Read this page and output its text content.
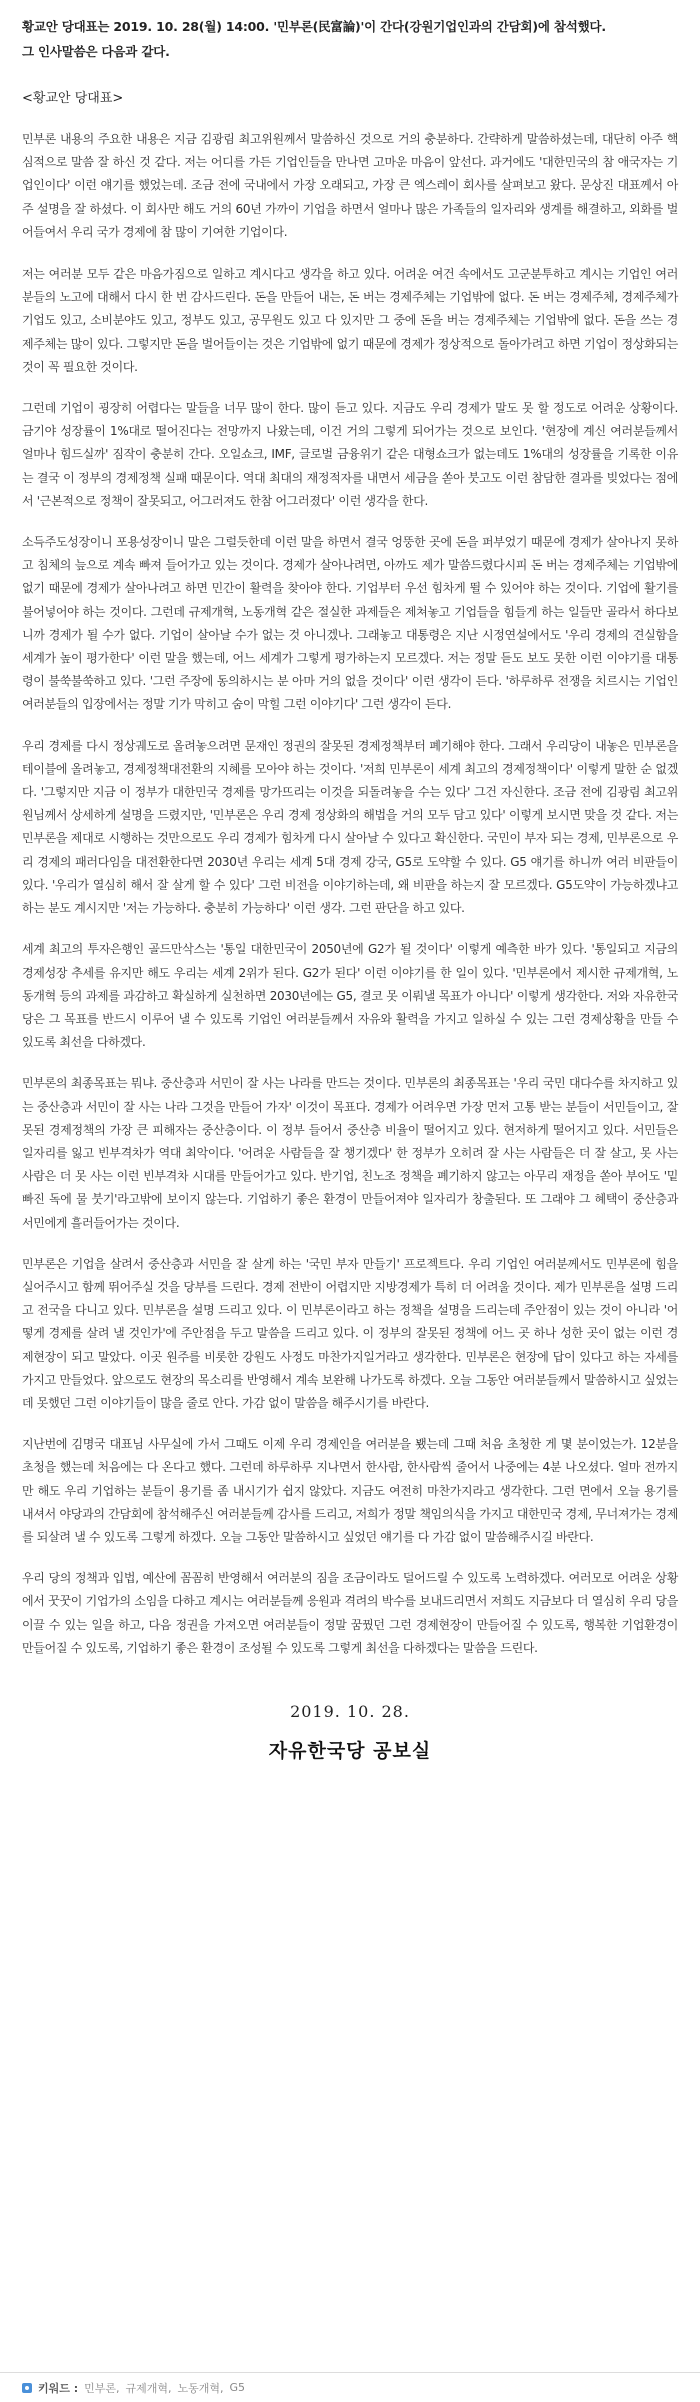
황교안 당대표는 2019. 10. 28(월) 14:00. '민부론(民富論)'이 간다(강원기업인과의 간담회)에 참석했다.
그 인사말씀은 다음과 같다.

<황교안 당대표>

민부론 내용의 주요한 내용은 지금 김광림 최고위원께서 말씀하신 것으로 거의 충분하다. 간략하게 말씀하셨는데, 대단히 아주 핵심적으로 말씀 잘 하신 것 같다. 저는 어디를 가든 기업인들을 만나면 고마운 마음이 앞선다. 과거에도 '대한민국의 참 애국자는 기업인이다' 이런 얘기를 했었는데. 조금 전에 국내에서 가장 오래되고, 가장 큰 엑스레이 회사를 살펴보고 왔다. 문상진 대표께서 아주 설명을 잘 하셨다. 이 회사만 해도 거의 60년 가까이 기업을 하면서 얼마나 많은 가족들의 일자리와 생계를 해결하고, 외화를 벌어들여서 우리 국가 경제에 참 많이 기여한 기업이다.

저는 여러분 모두 같은 마음가짐으로 일하고 계시다고 생각을 하고 있다. 어려운 여건 속에서도 고군분투하고 계시는 기업인 여러분들의 노고에 대해서 다시 한 번 감사드린다. 돈을 만들어 내는, 돈 버는 경제주체는 기업밖에 없다. 돈 버는 경제주체, 경제주체가 기업도 있고, 소비분야도 있고, 정부도 있고, 공무원도 있고 다 있지만 그 중에 돈을 버는 경제주체는 기업밖에 없다. 돈을 쓰는 경제주체는 많이 있다. 그렇지만 돈을 벌어들이는 것은 기업밖에 없기 때문에 경제가 정상적으로 돌아가려고 하면 기업이 정상화되는 것이 꼭 필요한 것이다.

그런데 기업이 굉장히 어렵다는 말들을 너무 많이 한다. 많이 듣고 있다. 지금도 우리 경제가 말도 못 할 정도로 어려운 상황이다. 금기야 성장률이 1%대로 떨어진다는 전망까지 나왔는데, 이건 거의 그렇게 되어가는 것으로 보인다. '현장에 계신 여러분들께서 얼마나 힘드실까' 짐작이 충분히 간다. 오일쇼크, IMF, 글로벌 금융위기 같은 대형쇼크가 없는데도 1%대의 성장률을 기록한 이유는 결국 이 정부의 경제정책 실패 때문이다. 역대 최대의 재정적자를 내면서 세금을 쏟아 붓고도 이런 참담한 결과를 빚었다는 점에서 '근본적으로 정책이 잘못되고, 어그러져도 한참 어그러졌다' 이런 생각을 한다.

소득주도성장이니 포용성장이니 말은 그럴듯한데 이런 말을 하면서 결국 엉뚱한 곳에 돈을 퍼부었기 때문에 경제가 살아나지 못하고 침체의 늪으로 계속 빠져 들어가고 있는 것이다. 경제가 살아나려면, 아까도 제가 말씀드렸다시피 돈 버는 경제주체는 기업밖에 없기 때문에 경제가 살아나려고 하면 민간이 활력을 찾아야 한다. 기업부터 우선 힘차게 뛸 수 있어야 하는 것이다. 기업에 활기를 불어넣어야 하는 것이다. 그런데 규제개혁, 노동개혁 같은 절실한 과제들은 제쳐놓고 기업들을 힘들게 하는 일들만 골라서 하다보니까 경제가 될 수가 없다. 기업이 살아날 수가 없는 것 아니겠나. 그래놓고 대통령은 지난 시정연설에서도 '우리 경제의 견실함을 세계가 높이 평가한다' 이런 말을 했는데, 어느 세계가 그렇게 평가하는지 모르겠다. 저는 정말 듣도 보도 못한 이런 이야기를 대통령이 불쑥불쑥하고 있다. '그런 주장에 동의하시는 분 아마 거의 없을 것이다' 이런 생각이 든다. '하루하루 전쟁을 치르시는 기업인 여러분들의 입장에서는 정말 기가 막히고 숨이 막힐 그런 이야기다' 그런 생각이 든다.

우리 경제를 다시 정상궤도로 올려놓으려면 문재인 정권의 잘못된 경제정책부터 폐기해야 한다. 그래서 우리당이 내놓은 민부론을 테이블에 올려놓고, 경제정책대전환의 지혜를 모아야 하는 것이다. '저희 민부론이 세계 최고의 경제정책이다' 이렇게 말한 순 없겠다. '그렇지만 지금 이 정부가 대한민국 경제를 망가뜨리는 이것을 되돌려놓을 수는 있다' 그건 자신한다. 조금 전에 김광림 최고위원님께서 상세하게 설명을 드렸지만, '민부론은 우리 경제 정상화의 해법을 거의 모두 담고 있다' 이렇게 보시면 맞을 것 같다. 저는 민부론을 제대로 시행하는 것만으로도 우리 경제가 힘차게 다시 살아날 수 있다고 확신한다. 국민이 부자 되는 경제, 민부론으로 우리 경제의 패러다임을 대전환한다면 2030년 우리는 세계 5대 경제 강국, G5로 도약할 수 있다. G5 얘기를 하니까 여러 비판들이 있다. '우리가 열심히 해서 잘 살게 할 수 있다' 그런 비전을 이야기하는데, 왜 비판을 하는지 잘 모르겠다. G5도약이 가능하겠냐고 하는 분도 계시지만 '저는 가능하다. 충분히 가능하다' 이런 생각. 그런 판단을 하고 있다.

세계 최고의 투자은행인 골드만삭스는 '통일 대한민국이 2050년에 G2가 될 것이다' 이렇게 예측한 바가 있다. '통일되고 지금의 경제성장 추세를 유지만 해도 우리는 세계 2위가 된다. G2가 된다' 이런 이야기를 한 일이 있다. '민부론에서 제시한 규제개혁, 노동개혁 등의 과제를 과감하고 확실하게 실천하면 2030년에는 G5, 결코 못 이뤄낼 목표가 아니다' 이렇게 생각한다. 저와 자유한국당은 그 목표를 반드시 이루어 낼 수 있도록 기업인 여러분들께서 자유와 활력을 가지고 일하실 수 있는 그런 경제상황을 만들 수 있도록 최선을 다하겠다.

민부론의 최종목표는 뭐냐. 중산층과 서민이 잘 사는 나라를 만드는 것이다. 민부론의 최종목표는 '우리 국민 대다수를 차지하고 있는 중산층과 서민이 잘 사는 나라 그것을 만들어 가자' 이것이 목표다. 경제가 어려우면 가장 먼저 고통 받는 분들이 서민들이고, 잘못된 경제정책의 가장 큰 피해자는 중산층이다. 이 정부 들어서 중산층 비율이 떨어지고 있다. 현저하게 떨어지고 있다. 서민들은 일자리를 잃고 빈부격차가 역대 최악이다. '어려운 사람들을 잘 챙기겠다' 한 정부가 오히려 잘 사는 사람들은 더 잘 살고, 못 사는 사람은 더 못 사는 이런 빈부격차 시대를 만들어가고 있다. 반기업, 친노조 정책을 폐기하지 않고는 아무리 재정을 쏟아 부어도 '밑 빠진 독에 물 붓기'라고밖에 보이지 않는다. 기업하기 좋은 환경이 만들어져야 일자리가 창출된다. 또 그래야 그 혜택이 중산층과 서민에게 흘러들어가는 것이다.

민부론은 기업을 살려서 중산층과 서민을 잘 살게 하는 '국민 부자 만들기' 프로젝트다. 우리 기업인 여러분께서도 민부론에 힘을 실어주시고 함께 뛰어주실 것을 당부를 드린다. 경제 전반이 어렵지만 지방경제가 특히 더 어려울 것이다. 제가 민부론을 설명 드리고 전국을 다니고 있다. 민부론을 설명 드리고 있다. 이 민부론이라고 하는 정책을 설명을 드리는데 주안점이 있는 것이 아니라 '어떻게 경제를 살려 낼 것인가'에 주안점을 두고 말씀을 드리고 있다. 이 정부의 잘못된 정책에 어느 곳 하나 성한 곳이 없는 이런 경제현장이 되고 말았다. 이곳 원주를 비롯한 강원도 사정도 마찬가지일거라고 생각한다. 민부론은 현장에 답이 있다고 하는 자세를 가지고 만들었다. 앞으로도 현장의 목소리를 반영해서 계속 보완해 나가도록 하겠다. 오늘 그동안 여러분들께서 말씀하시고 싶었는데 못했던 그런 이야기들이 많을 줄로 안다. 가감 없이 말씀을 해주시기를 바란다.

지난번에 김명국 대표님 사무실에 가서 그때도 이제 우리 경제인을 여러분을 뵀는데 그때 처음 초청한 게 몇 분이었는가. 12분을 초청을 했는데 처음에는 다 온다고 했다. 그런데 하루하루 지나면서 한사람, 한사람씩 줄어서 나중에는 4분 나오셨다. 얼마 전까지만 해도 우리 기업하는 분들이 용기를 좀 내시기가 쉽지 않았다. 지금도 여전히 마찬가지라고 생각한다. 그런 면에서 오늘 용기를 내셔서 야당과의 간담회에 참석해주신 여러분들께 감사를 드리고, 저희가 정말 책임의식을 가지고 대한민국 경제, 무너져가는 경제를 되살려 낼 수 있도록 그렇게 하겠다. 오늘 그동안 말씀하시고 싶었던 얘기를 다 가감 없이 말씀해주시길 바란다.

우리 당의 정책과 입법, 예산에 꼼꼼히 반영해서 여러분의 짐을 조금이라도 덜어드릴 수 있도록 노력하겠다. 여러모로 어려운 상황에서 꿋꿋이 기업가의 소임을 다하고 계시는 여러분들께 응원과 격려의 박수를 보내드리면서 저희도 지금보다 더 열심히 우리 당을 이끌 수 있는 일을 하고, 다음 정권을 가져오면 여러분들이 정말 꿈꿨던 그런 경제현장이 만들어질 수 있도록, 행복한 기업환경이 만들어질 수 있도록, 기업하기 좋은 환경이 조성될 수 있도록 그렇게 최선을 다하겠다는 말씀을 드린다.

2019. 10. 28.
자유한국당 공보실
키워드 : 민부론, 규제개혁, 노동개혁, G5
